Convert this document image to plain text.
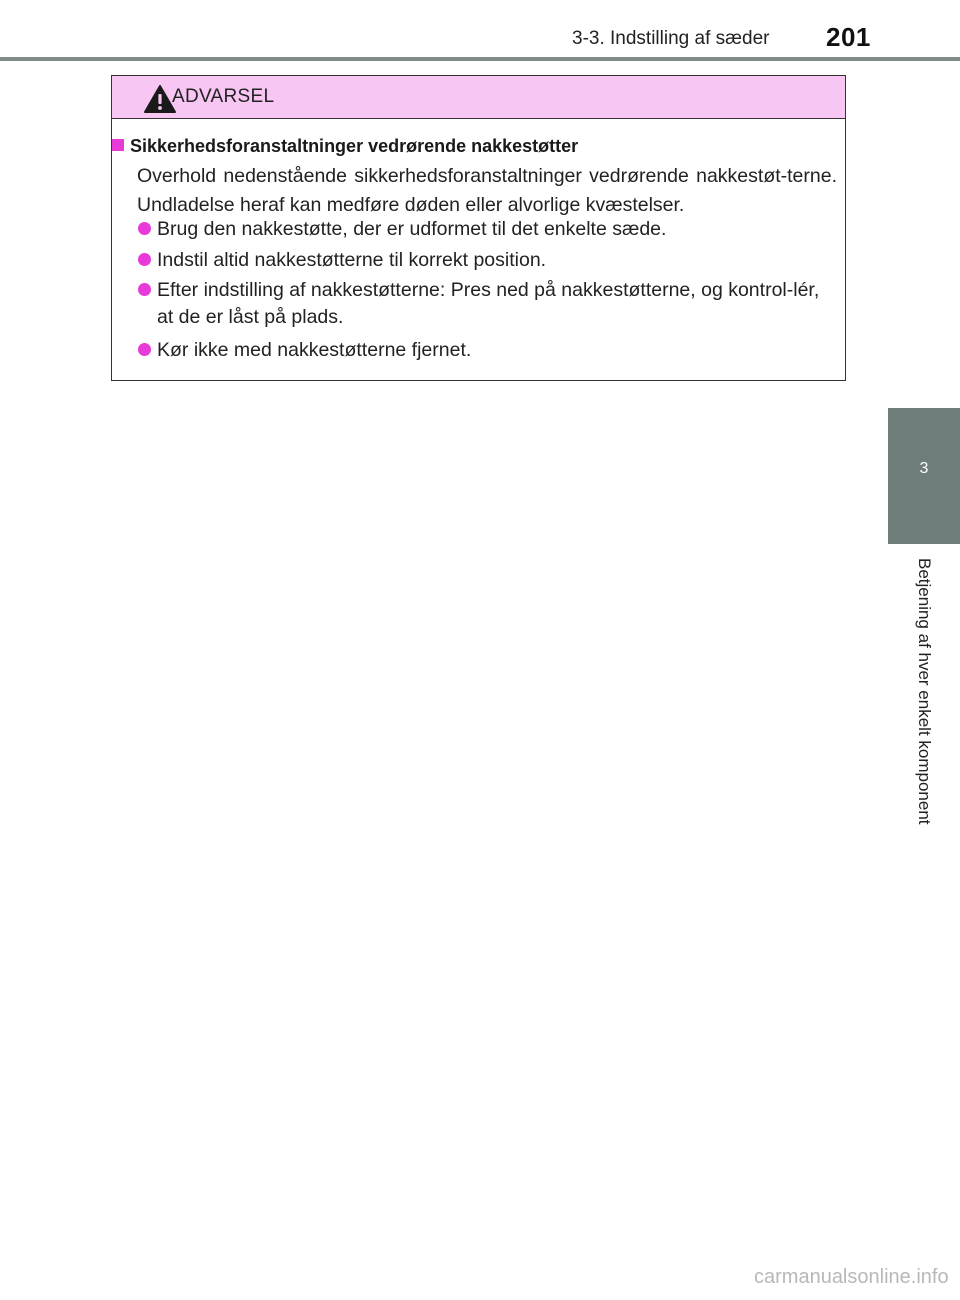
3-3. Indstilling af sæder 201
3
Betjening af hver enkelt komponent
ADVARSEL
Sikkerhedsforanstaltninger vedrørende nakkestøtter
Overhold nedenstående sikkerhedsforanstaltninger vedrørende nakkestøt-terne. Undladelse heraf kan medføre døden eller alvorlige kvæstelser.
Brug den nakkestøtte, der er udformet til det enkelte sæde.
Indstil altid nakkestøtterne til korrekt position.
Efter indstilling af nakkestøtterne: Pres ned på nakkestøtterne, og kontrol-lér, at de er låst på plads.
Kør ikke med nakkestøtterne fjernet.
carmanualsonline.info
